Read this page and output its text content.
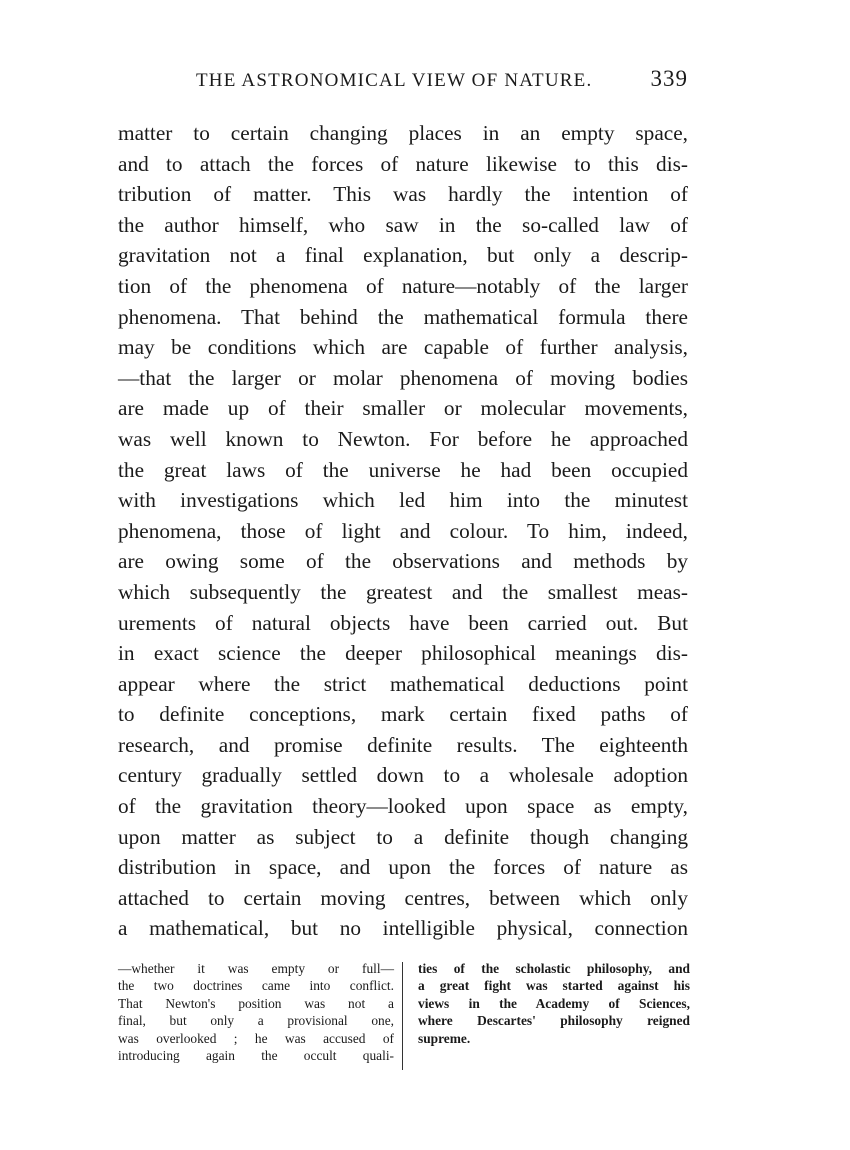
THE ASTRONOMICAL VIEW OF NATURE.	339
matter to certain changing places in an empty space,
and to attach the forces of nature likewise to this dis-
tribution of matter. This was hardly the intention of
the author himself, who saw in the so-called law of
gravitation not a final explanation, but only a descrip-
tion of the phenomena of nature—notably of the larger
phenomena. That behind the mathematical formula there
may be conditions which are capable of further analysis,
—that the larger or molar phenomena of moving bodies
are made up of their smaller or molecular movements,
was well known to Newton. For before he approached
the great laws of the universe he had been occupied
with investigations which led him into the minutest
phenomena, those of light and colour. To him, indeed,
are owing some of the observations and methods by
which subsequently the greatest and the smallest meas-
urements of natural objects have been carried out. But
in exact science the deeper philosophical meanings dis-
appear where the strict mathematical deductions point
to definite conceptions, mark certain fixed paths of
research, and promise definite results. The eighteenth
century gradually settled down to a wholesale adoption
of the gravitation theory—looked upon space as empty,
upon matter as subject to a definite though changing
distribution in space, and upon the forces of nature as
attached to certain moving centres, between which only
a mathematical, but no intelligible physical, connection
—whether it was empty or full—
the two doctrines came into conflict.
That Newton's position was not a
final, but only a provisional one,
was overlooked ; he was accused of
introducing again the occult quali-
ties of the scholastic philosophy, and
a great fight was started against his
views in the Academy of Sciences,
where Descartes' philosophy reigned
supreme.
